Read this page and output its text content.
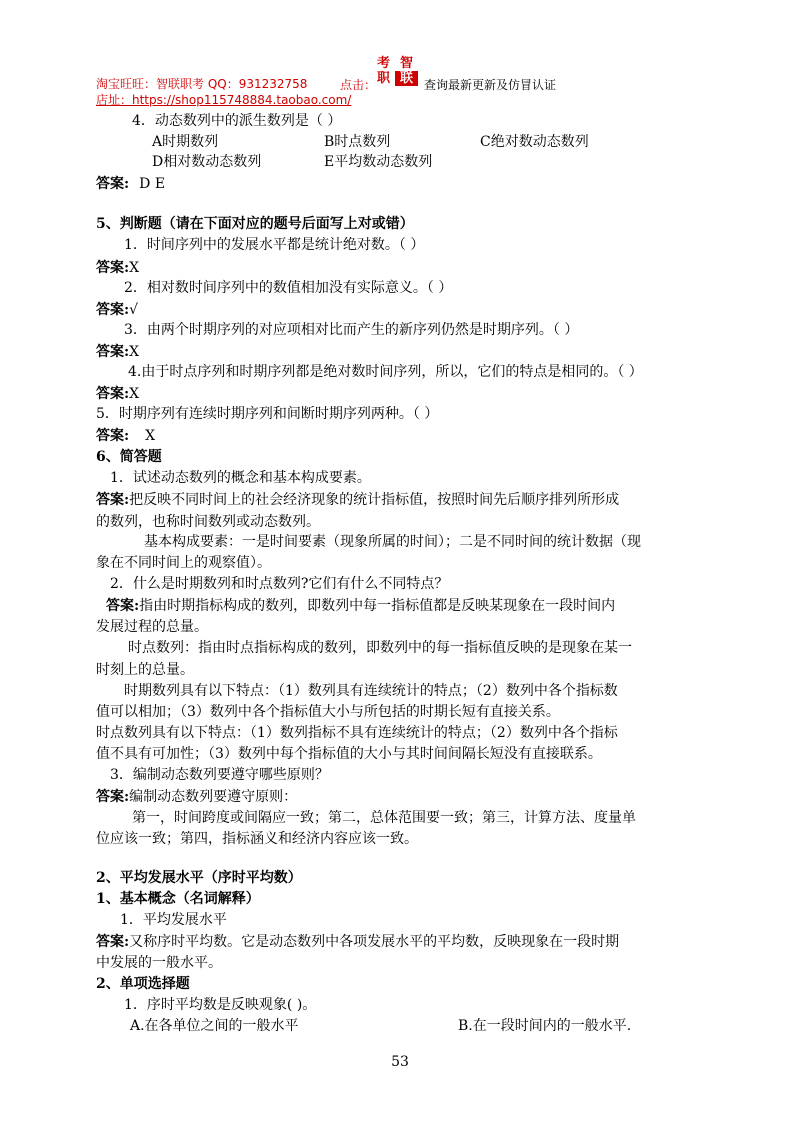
淘宝旺旺：智联职考 QQ：931232758
店址：https://shop115748884.taobao.com/
点击：
考 智
职 联 查询最新更新及仿冒认证
4．动态数列中的派生数列是（ ）
A时期数列	B时点数列	C绝对数动态数列
D相对数动态数列	E平均数动态数列
答案: D E
5、判断题（请在下面对应的题号后面写上对或错）
1．时间序列中的发展水平都是统计绝对数。（ ）
答案:X
2．相对数时间序列中的数值相加没有实际意义。（ ）
答案:√
3．由两个时期序列的对应项相对比而产生的新序列仍然是时期序列。（ ）
答案:X
4.由于时点序列和时期序列都是绝对数时间序列，所以，它们的特点是相同的。（ ）
答案:X
5．时期序列有连续时期序列和间断时期序列两种。（ ）
答案: X
6、简答题
1．试述动态数列的概念和基本构成要素。
答案:把反映不同时间上的社会经济现象的统计指标值，按照时间先后顺序排列所形成
的数列，也称时间数列或动态数列。
基本构成要素：一是时间要素（现象所属的时间）；二是不同时间的统计数据（现
象在不同时间上的观察值）。
2．什么是时期数列和时点数列?它们有什么不同特点？
答案:指由时期指标构成的数列，即数列中每一指标值都是反映某现象在一段时间内
发展过程的总量。
时点数列：指由时点指标构成的数列，即数列中的每一指标值反映的是现象在某一
时刻上的总量。
时期数列具有以下特点：（1）数列具有连续统计的特点；（2）数列中各个指标数
值可以相加；（3）数列中各个指标值大小与所包括的时期长短有直接关系。
时点数列具有以下特点：（1）数列指标不具有连续统计的特点；（2）数列中各个指标
值不具有可加性；（3）数列中每个指标值的大小与其时间间隔长短没有直接联系。
3．编制动态数列要遵守哪些原则？
答案:编制动态数列要遵守原则：
第一，时间跨度或间隔应一致；第二，总体范围要一致；第三，计算方法、度量单
位应该一致；第四，指标涵义和经济内容应该一致。
2、平均发展水平（序时平均数）
1、基本概念（名词解释）
1．平均发展水平
答案:又称序时平均数。它是动态数列中各项发展水平的平均数，反映现象在一段时期
中发展的一般水平。
2、单项选择题
1．序时平均数是反映观象( )。
A.在各单位之间的一般水平	B.在一段时间内的一般水平.
53
